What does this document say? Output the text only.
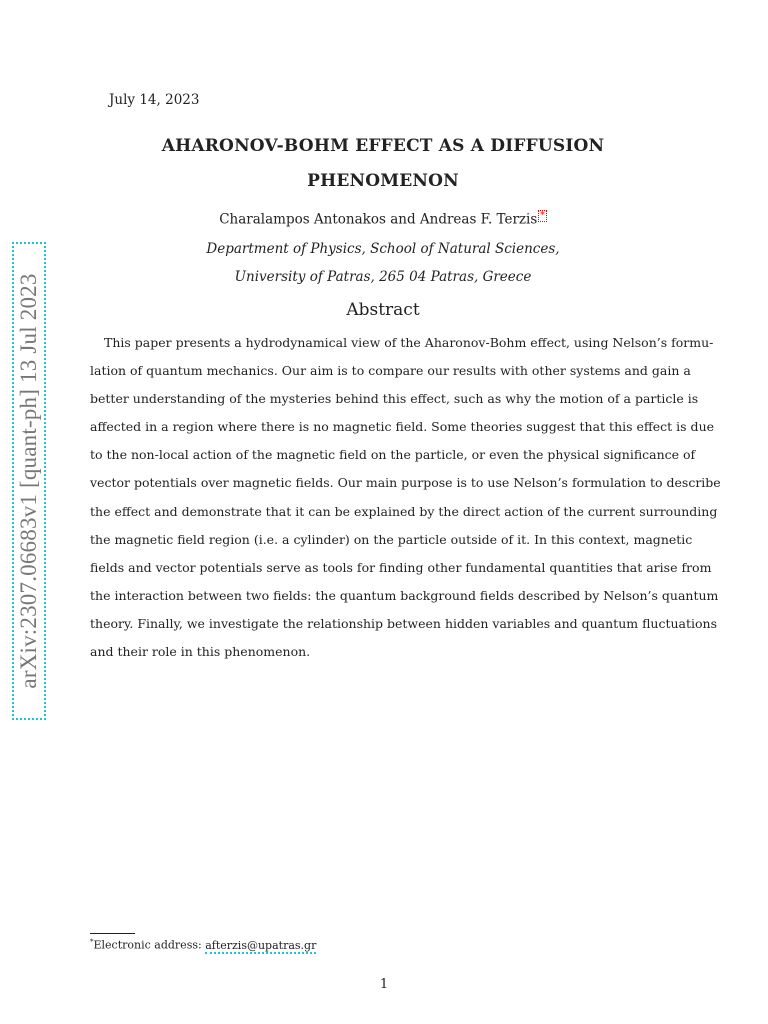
arXiv:2307.06683v1 [quant-ph] 13 Jul 2023
July 14, 2023
AHARONOV-BOHM EFFECT AS A DIFFUSION
PHENOMENON
Charalampos Antonakos and Andreas F. Terzis *
Department of Physics, School of Natural Sciences,
University of Patras, 265 04 Patras, Greece
Abstract
This paper presents a hydrodynamical view of the Aharonov-Bohm effect, using Nelson’s formu-
lation of quantum mechanics. Our aim is to compare our results with other systems and gain a
better understanding of the mysteries behind this effect, such as why the motion of a particle is
affected in a region where there is no magnetic field. Some theories suggest that this effect is due
to the non-local action of the magnetic field on the particle, or even the physical significance of
vector potentials over magnetic fields. Our main purpose is to use Nelson’s formulation to describe
the effect and demonstrate that it can be explained by the direct action of the current surrounding
the magnetic field region (i.e. a cylinder) on the particle outside of it. In this context, magnetic
fields and vector potentials serve as tools for finding other fundamental quantities that arise from
the interaction between two fields: the quantum background fields described by Nelson’s quantum
theory. Finally, we investigate the relationship between hidden variables and quantum fluctuations
and their role in this phenomenon.
*Electronic address: afterzis@upatras.gr
1
